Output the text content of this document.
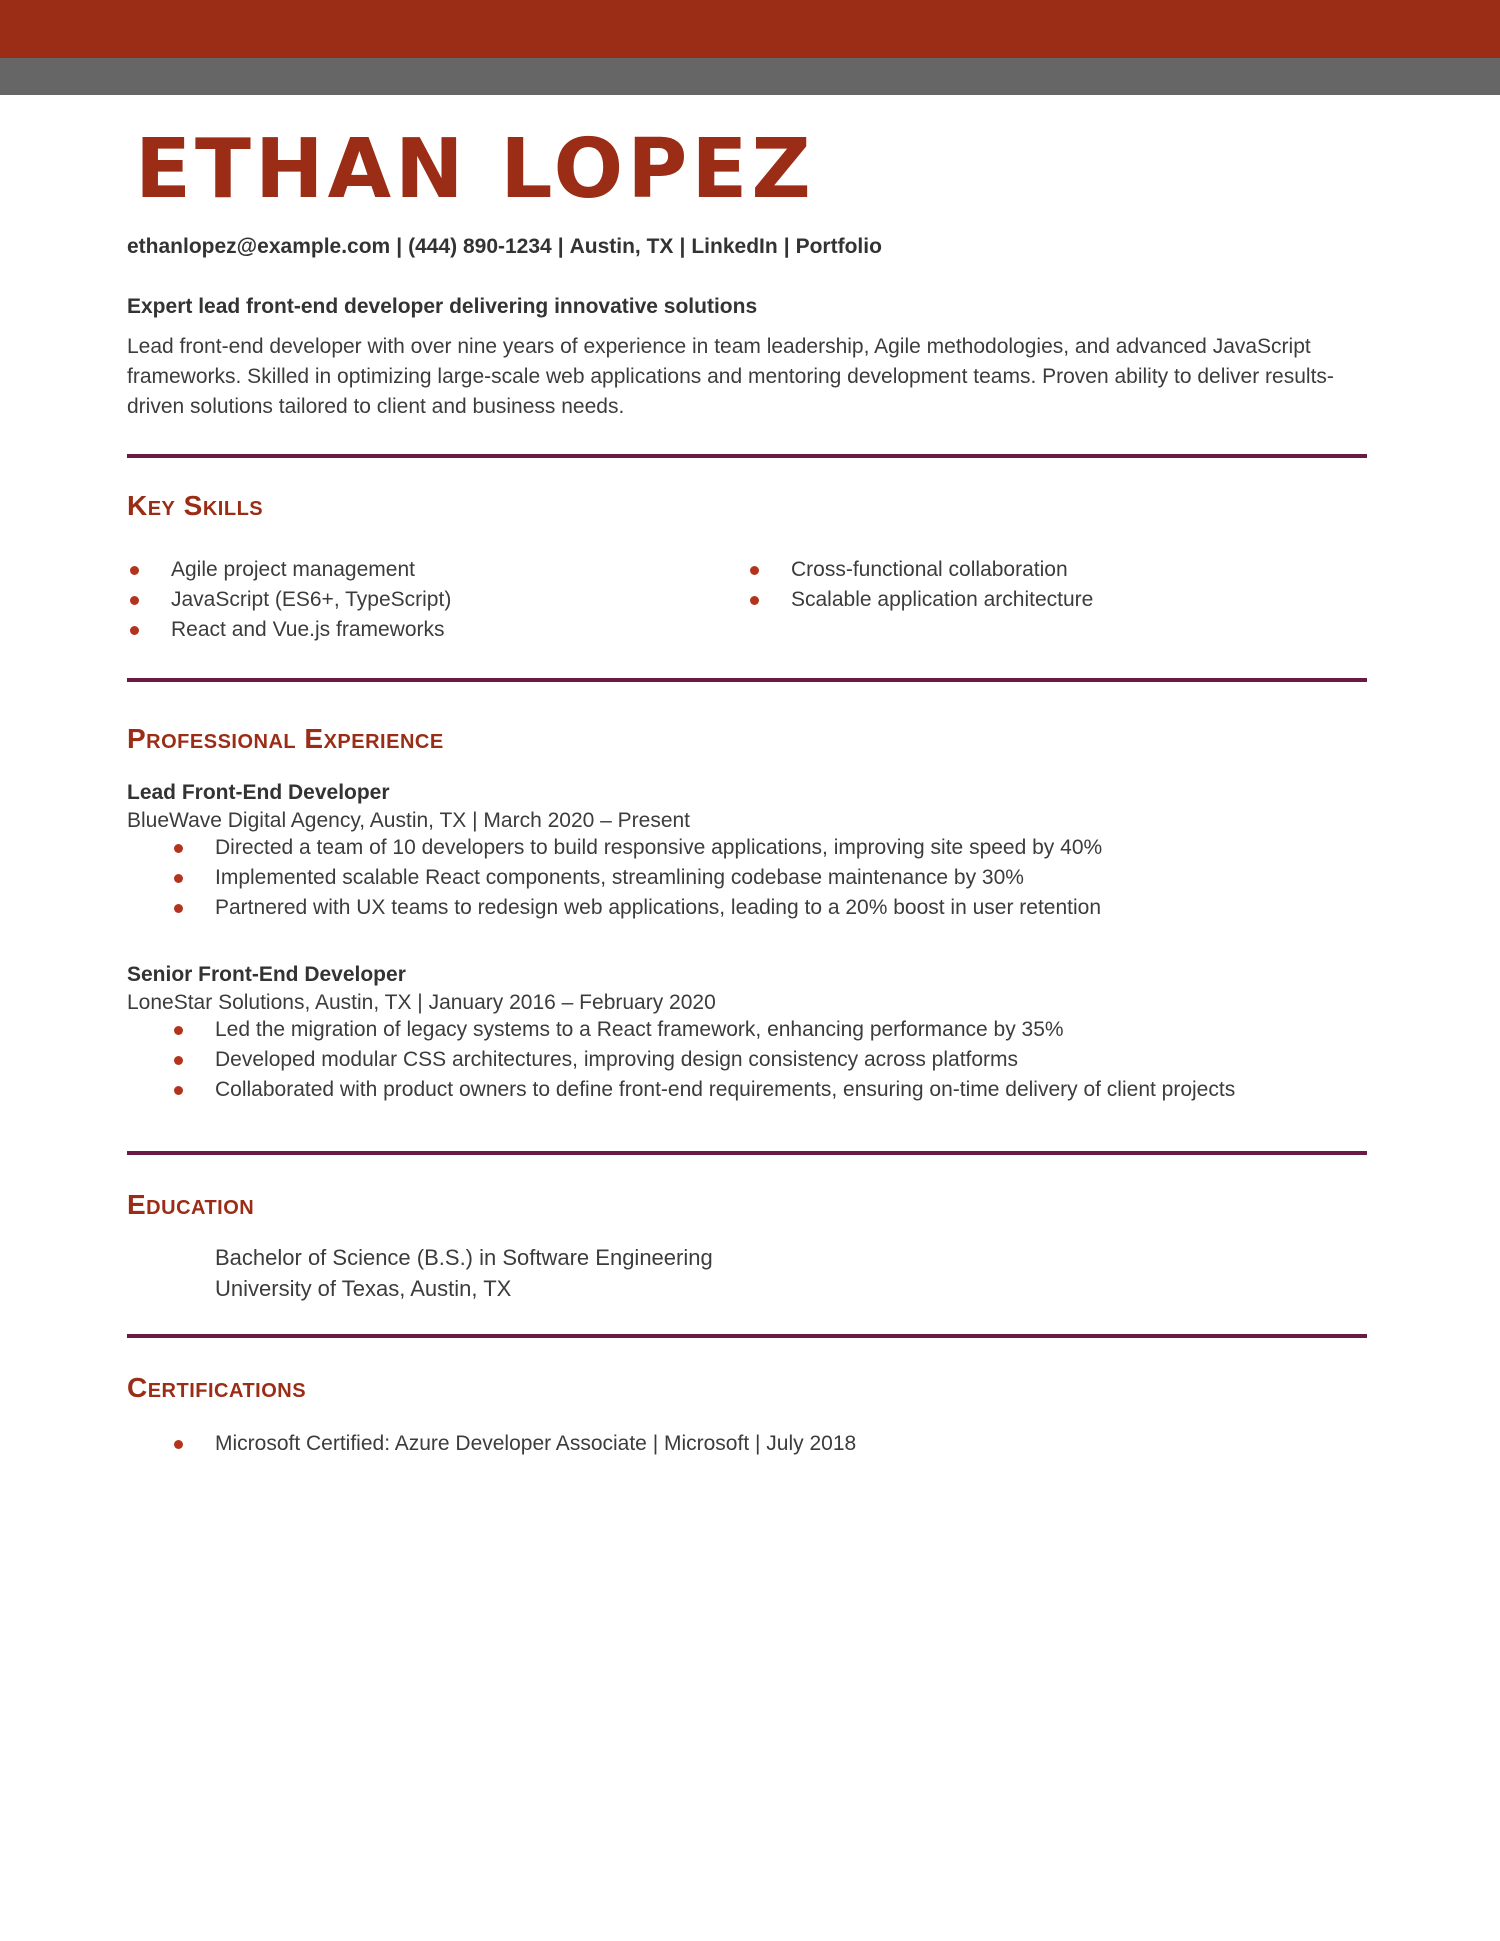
ETHAN LOPEZ
ethanlopez@example.com | (444) 890-1234 | Austin, TX | LinkedIn | Portfolio
Expert lead front-end developer delivering innovative solutions
Lead front-end developer with over nine years of experience in team leadership, Agile methodologies, and advanced JavaScript frameworks. Skilled in optimizing large-scale web applications and mentoring development teams. Proven ability to deliver results-driven solutions tailored to client and business needs.
Key Skills
Agile project management
JavaScript (ES6+, TypeScript)
React and Vue.js frameworks
Cross-functional collaboration
Scalable application architecture
Professional Experience
Lead Front-End Developer
BlueWave Digital Agency, Austin, TX | March 2020 – Present
Directed a team of 10 developers to build responsive applications, improving site speed by 40%
Implemented scalable React components, streamlining codebase maintenance by 30%
Partnered with UX teams to redesign web applications, leading to a 20% boost in user retention
Senior Front-End Developer
LoneStar Solutions, Austin, TX | January 2016 – February 2020
Led the migration of legacy systems to a React framework, enhancing performance by 35%
Developed modular CSS architectures, improving design consistency across platforms
Collaborated with product owners to define front-end requirements, ensuring on-time delivery of client projects
Education
Bachelor of Science (B.S.) in Software Engineering
University of Texas, Austin, TX
Certifications
Microsoft Certified: Azure Developer Associate | Microsoft | July 2018
